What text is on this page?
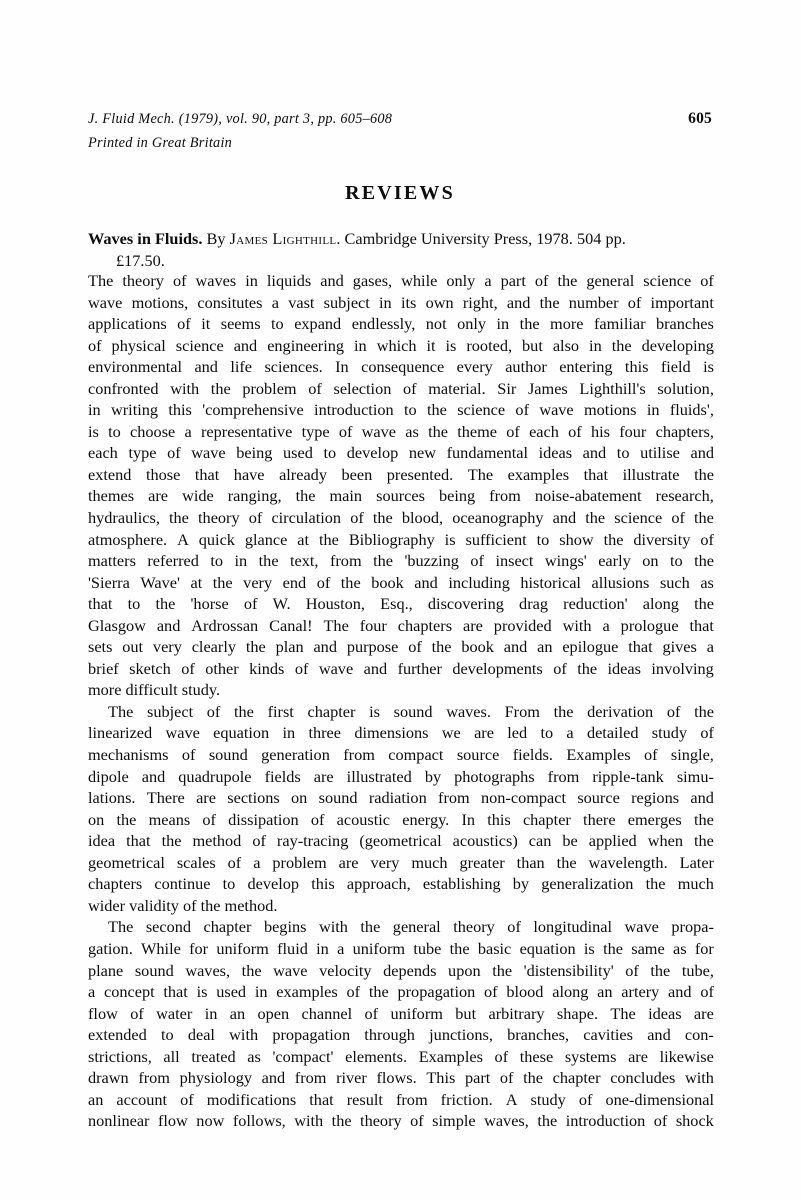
J. Fluid Mech. (1979), vol. 90, part 3, pp. 605–608	605
Printed in Great Britain
REVIEWS
Waves in Fluids. By James Lighthill. Cambridge University Press, 1978. 504 pp.
£17.50.

The theory of waves in liquids and gases, while only a part of the general science of
wave motions, consitutes a vast subject in its own right, and the number of important
applications of it seems to expand endlessly, not only in the more familiar branches
of physical science and engineering in which it is rooted, but also in the developing
environmental and life sciences. In consequence every author entering this field is
confronted with the problem of selection of material. Sir James Lighthill's solution,
in writing this 'comprehensive introduction to the science of wave motions in fluids',
is to choose a representative type of wave as the theme of each of his four chapters,
each type of wave being used to develop new fundamental ideas and to utilise and
extend those that have already been presented. The examples that illustrate the
themes are wide ranging, the main sources being from noise-abatement research,
hydraulics, the theory of circulation of the blood, oceanography and the science of the
atmosphere. A quick glance at the Bibliography is sufficient to show the diversity of
matters referred to in the text, from the 'buzzing of insect wings' early on to the
'Sierra Wave' at the very end of the book and including historical allusions such as
that to the 'horse of W. Houston, Esq., discovering drag reduction' along the
Glasgow and Ardrossan Canal! The four chapters are provided with a prologue that
sets out very clearly the plan and purpose of the book and an epilogue that gives a
brief sketch of other kinds of wave and further developments of the ideas involving
more difficult study.

The subject of the first chapter is sound waves. From the derivation of the
linearized wave equation in three dimensions we are led to a detailed study of
mechanisms of sound generation from compact source fields. Examples of single,
dipole and quadrupole fields are illustrated by photographs from ripple-tank simu-
lations. There are sections on sound radiation from non-compact source regions and
on the means of dissipation of acoustic energy. In this chapter there emerges the
idea that the method of ray-tracing (geometrical acoustics) can be applied when the
geometrical scales of a problem are very much greater than the wavelength. Later
chapters continue to develop this approach, establishing by generalization the much
wider validity of the method.

The second chapter begins with the general theory of longitudinal wave propa-
gation. While for uniform fluid in a uniform tube the basic equation is the same as for
plane sound waves, the wave velocity depends upon the 'distensibility' of the tube,
a concept that is used in examples of the propagation of blood along an artery and of
flow of water in an open channel of uniform but arbitrary shape. The ideas are
extended to deal with propagation through junctions, branches, cavities and con-
strictions, all treated as 'compact' elements. Examples of these systems are likewise
drawn from physiology and from river flows. This part of the chapter concludes with
an account of modifications that result from friction. A study of one-dimensional
nonlinear flow now follows, with the theory of simple waves, the introduction of shock
